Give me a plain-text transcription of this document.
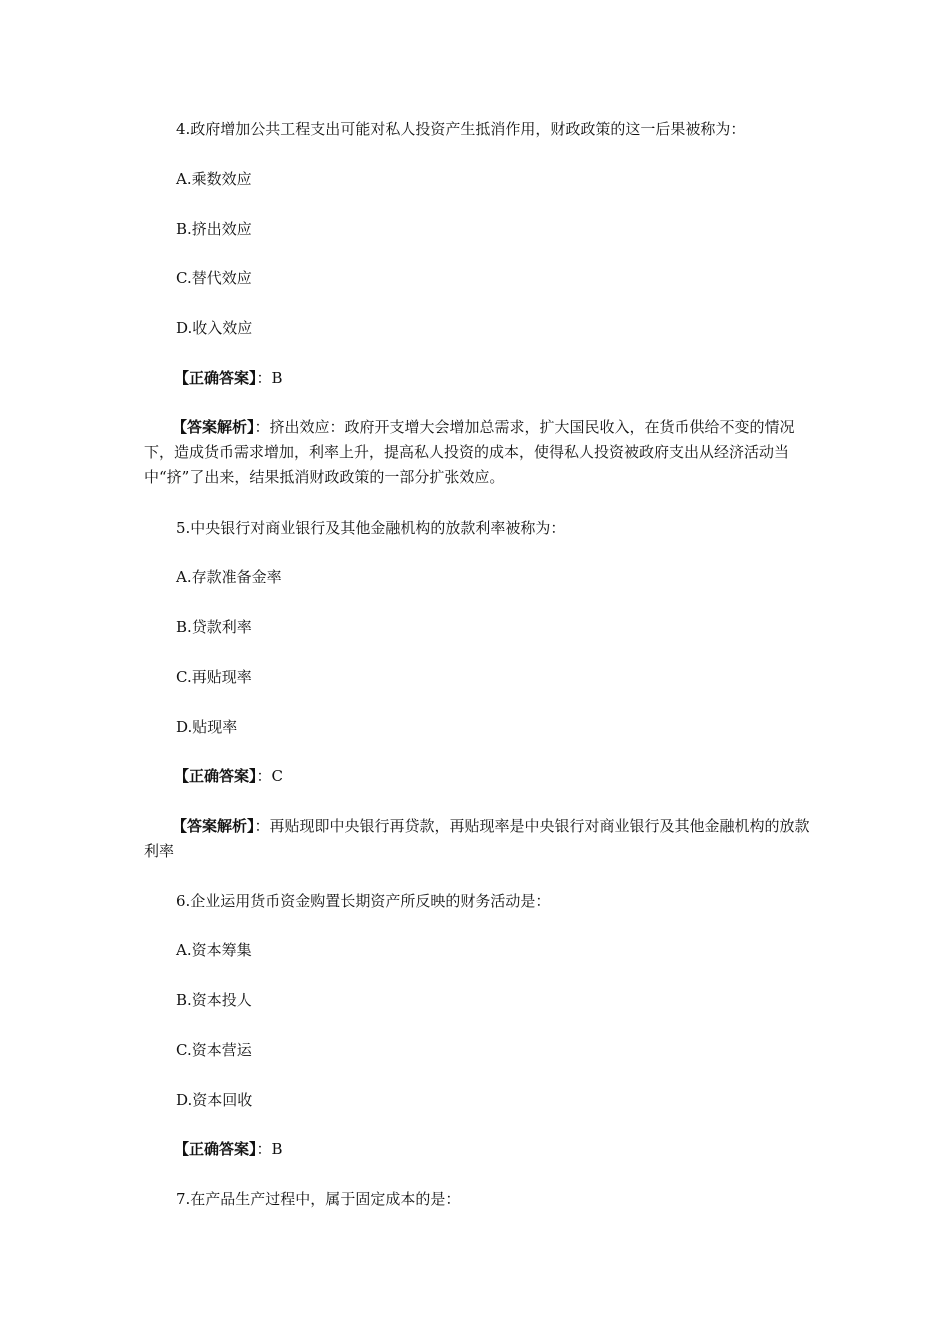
4.政府增加公共工程支出可能对私人投资产生抵消作用，财政政策的这一后果被称为：
A.乘数效应
B.挤出效应
C.替代效应
D.收入效应
【正确答案】：B
【答案解析】：挤出效应：政府开支增大会增加总需求，扩大国民收入，在货币供给不变的情况下，造成货币需求增加，利率上升，提高私人投资的成本，使得私人投资被政府支出从经济活动当中“挤”了出来，结果抵消财政政策的一部分扩张效应。
5.中央银行对商业银行及其他金融机构的放款利率被称为：
A.存款准备金率
B.贷款利率
C.再贴现率
D.贴现率
【正确答案】：C
【答案解析】：再贴现即中央银行再贷款，再贴现率是中央银行对商业银行及其他金融机构的放款利率
6.企业运用货币资金购置长期资产所反映的财务活动是：
A.资本筹集
B.资本投人
C.资本营运
D.资本回收
【正确答案】：B
7.在产品生产过程中，属于固定成本的是：
